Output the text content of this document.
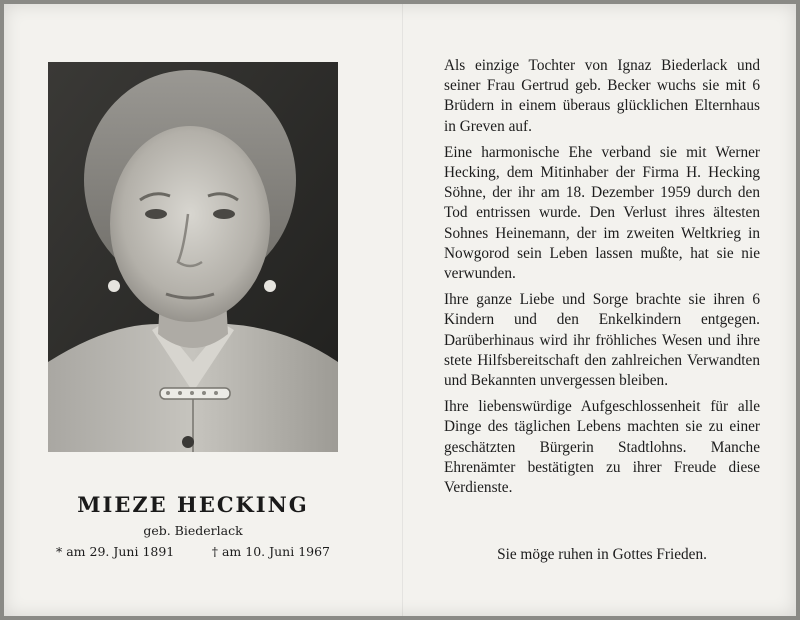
MIEZE HECKING
geb. Biederlack
* am 29. Juni 1891	† am 10. Juni 1967

Als einzige Tochter von Ignaz Biederlack und seiner Frau Gertrud geb. Becker wuchs sie mit 6 Brüdern in einem überaus glücklichen Elternhaus in Greven auf.

Eine harmonische Ehe verband sie mit Werner Hecking, dem Mitinhaber der Firma H. Hecking Söhne, der ihr am 18. Dezember 1959 durch den Tod entrissen wurde. Den Verlust ihres ältesten Sohnes Heinemann, der im zweiten Weltkrieg in Nowgorod sein Leben lassen mußte, hat sie nie verwunden.

Ihre ganze Liebe und Sorge brachte sie ihren 6 Kindern und den Enkelkindern entgegen. Darüberhinaus wird ihr fröhliches Wesen und ihre stete Hilfsbereitschaft den zahlreichen Verwandten und Bekannten unvergessen bleiben.

Ihre liebenswürdige Aufgeschlossenheit für alle Dinge des täglichen Lebens machten sie zu einer geschätzten Bürgerin Stadtlohns. Manche Ehrenämter bestätigten zu ihrer Freude diese Verdienste.

Sie möge ruhen in Gottes Frieden.
